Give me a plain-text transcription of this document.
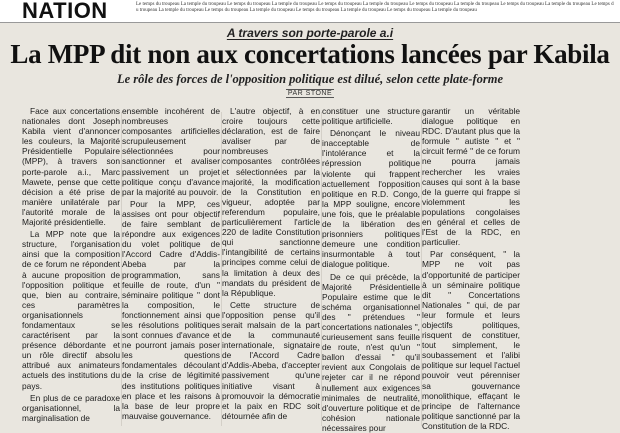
Le temps du troupeau La temple du troupeau Le temps du troupeau La temple du troupeau Le temps du troupeau La temple du troupeau Le temps du troupeau La temple du troupeau Le temps du troupeau La temple du troupeau Le temps du troupeau La temple du troupeau Le temps du troupeau La temple du troupeau Le temps du troupeau La temple du troupeau Le temps du troupeau La temple du troupeau
NATION
A travers son porte-parole a.i
La MPP dit non aux concertations lancées par Kabila
Le rôle des forces de l'opposition politique est dilué, selon cette plate-forme
PAR STONE

Face aux concertations nationales dont Joseph Kabila vient d'annoncer les couleurs, la Majorité Présidentielle Populaire (MPP), à travers son porte-parole a.i., Marc Mawete, pense que cette décision a été prise de manière unilatérale par l'autorité morale de la Majorité présidentielle.

La MPP note que la structure, l'organisation ainsi que la composition de ce forum ne répondent à aucune proposition de l'opposition politique et que, bien au contraire, ces paramètres organisationnels fondamentaux se caractérisent par la présence débordante et un rôle directif absolu attribué aux animateurs actuels des institutions du pays.

En plus de ce paradoxe organisationnel, la marginalisation de

ensemble incohérent de nombreuses composantes artificielles scrupuleusement sélectionnées pour sanctionner et avaliser passivement un projet politique conçu d'avance par la majorité au pouvoir.

Pour la MPP, ces assises ont pour objectif de faire semblant de répondre aux exigences du volet politique de l'Accord Cadre d'Addis-Abeba par la programmation, sans feuille de route, d'un " séminaire politique " dont la composition, le fonctionnement ainsi que les résolutions politiques sont connues d'avance et ne pourront jamais poser les questions fondamentales découlant de la crise de légitimité des institutions politiques en place et les raisons à la base de leur propre mauvaise gouvernance.

L'autre objectif, à en croire toujours cette déclaration, est de faire avaliser par de nombreuses composantes contrôlées et sélectionnées par la majorité, la modification de la Constitution en vigueur, adoptée par referendum populaire, particulièrement l'article 220 de ladite Constitution qui sanctionne l'intangibilité de certains principes comme celui de la limitation à deux des mandats du président de la République.

Cette structure de l'opposition pense qu'il serait malsain de la part de la communauté internationale, signataire de l'Accord Cadre d'Addis-Abeba, d'accepter passivement qu'une initiative visant à promouvoir la démocratie et la paix en RDC soit détournée afin de

constituer une structure politique artificielle.

Dénonçant le niveau inacceptable de l'intolérance et la répression politique violente qui frappent actuellement l'opposition politique en R.D. Congo, la MPP souligne, encore une fois, que le préalable de la libération des prisonniers politiques demeure une condition insurmontable à tout dialogue politique.

De ce qui précède, la Majorité Présidentielle Populaire estime que le schéma organisationnel des " prétendues " concertations nationales ", curieusement sans feuille de route, n'est qu'un " ballon d'essai " qu'il revient aux Congolais de rejeter car il ne répond nullement aux exigences minimales de neutralité, d'ouverture politique et de cohésion nationale nécessaires pour

garantir un véritable dialogue politique en RDC. D'autant plus que la formule " autiste " et " circuit fermé " de ce forum ne pourra jamais rechercher les vraies causes qui sont à la base de la guerre qui frappe si violemment les populations congolaises en général et celles de l'Est de la RDC, en particulier.

Par conséquent, " la MPP ne voit pas d'opportunité de participer à un séminaire politique dit " Concertations Nationales " qui, de par leur formule et leurs objectifs politiques, risquent de constituer, tout simplement, le soubassement et l'alibi politique sur lequel l'actuel pouvoir veut pérenniser sa gouvernance monolithique, effaçant le principe de l'alternance politique sanctionné par la Constitution de la RDC.
